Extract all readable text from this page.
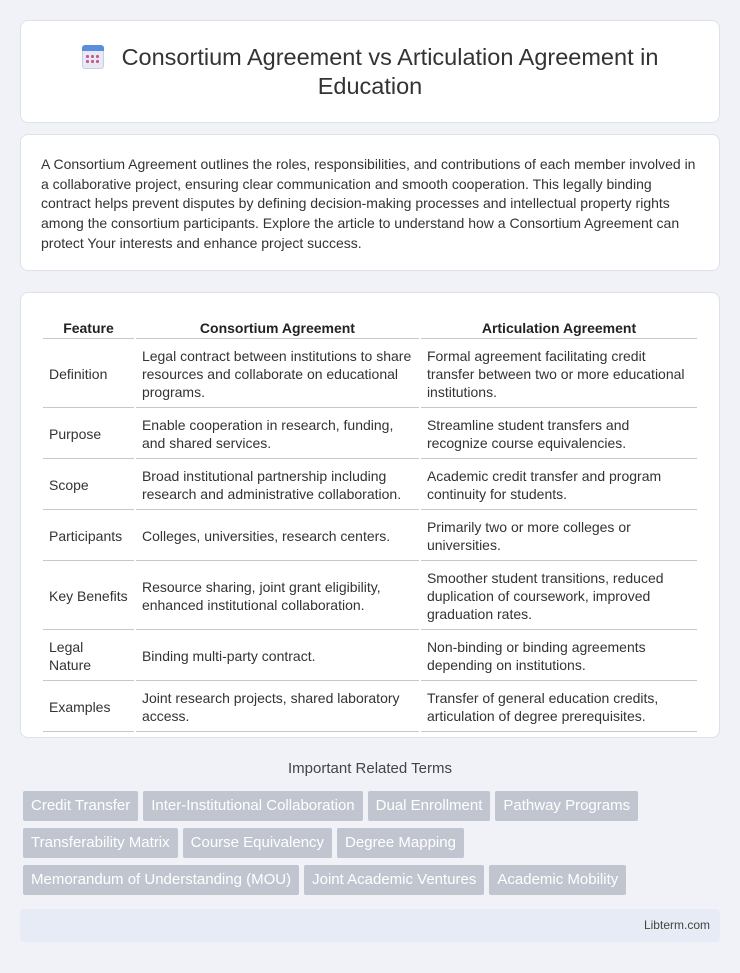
Consortium Agreement vs Articulation Agreement in Education

A Consortium Agreement outlines the roles, responsibilities, and contributions of each member involved in a collaborative project, ensuring clear communication and smooth cooperation. This legally binding contract helps prevent disputes by defining decision-making processes and intellectual property rights among the consortium participants. Explore the article to understand how a Consortium Agreement can protect Your interests and enhance project success.

Feature	Consortium Agreement	Articulation Agreement
Definition	Legal contract between institutions to share resources and collaborate on educational programs.	Formal agreement facilitating credit transfer between two or more educational institutions.
Purpose	Enable cooperation in research, funding, and shared services.	Streamline student transfers and recognize course equivalencies.
Scope	Broad institutional partnership including research and administrative collaboration.	Academic credit transfer and program continuity for students.
Participants	Colleges, universities, research centers.	Primarily two or more colleges or universities.
Key Benefits	Resource sharing, joint grant eligibility, enhanced institutional collaboration.	Smoother student transitions, reduced duplication of coursework, improved graduation rates.
Legal Nature	Binding multi-party contract.	Non-binding or binding agreements depending on institutions.
Examples	Joint research projects, shared laboratory access.	Transfer of general education credits, articulation of degree prerequisites.
Important Related Terms
Credit Transfer Inter-Institutional Collaboration Dual Enrollment Pathway Programs
Transferability Matrix Course Equivalency Degree Mapping
Memorandum of Understanding (MOU) Joint Academic Ventures Academic Mobility
Libterm.com
